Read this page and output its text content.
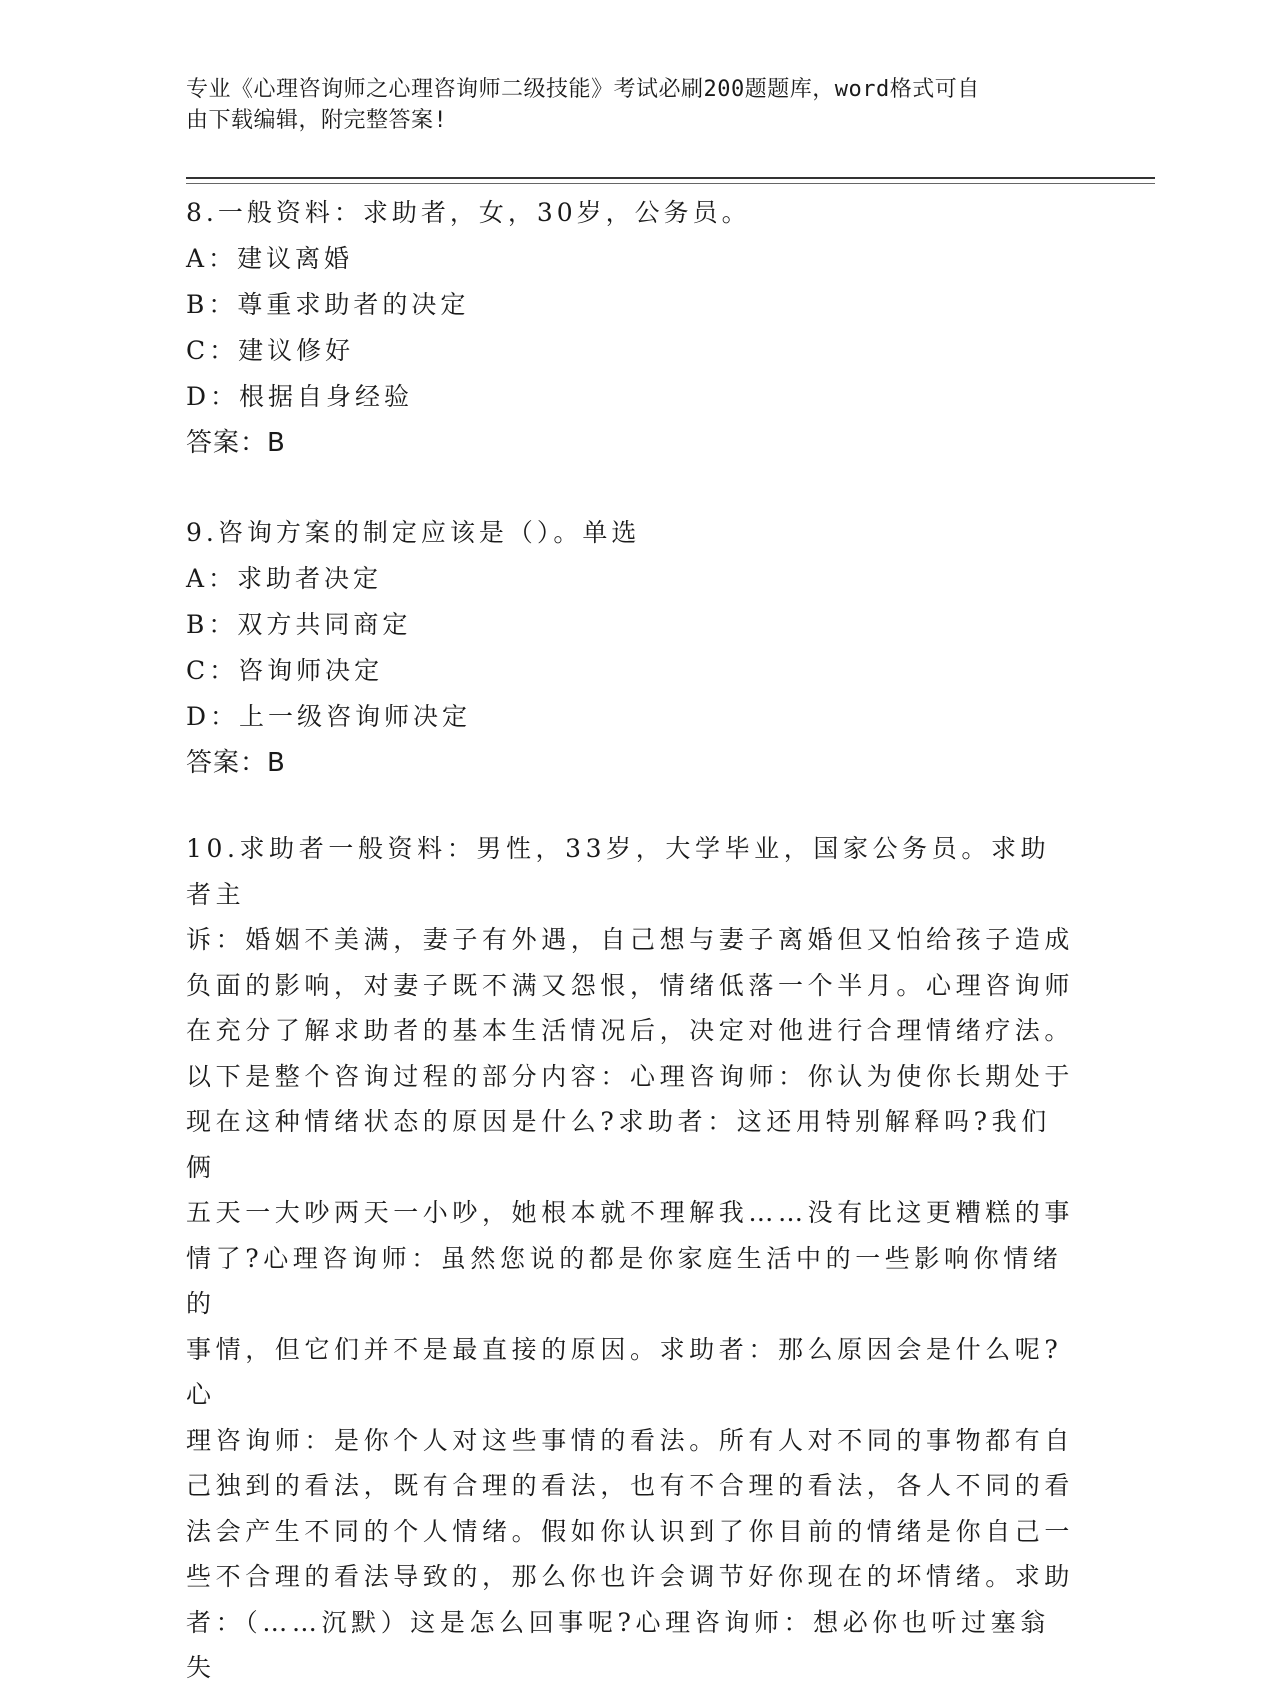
专业《心理咨询师之心理咨询师二级技能》考试必刷200题题库，word格式可自
由下载编辑，附完整答案!
8.一般资料：求助者，女，30岁，公务员。
A：建议离婚
B：尊重求助者的决定
C：建议修好
D：根据自身经验
答案：B
9.咨询方案的制定应该是（）。单选
A：求助者决定
B：双方共同商定
C：咨询师决定
D：上一级咨询师决定
答案：B
10.求助者一般资料：男性，33岁，大学毕业，国家公务员。求助者主
诉：婚姻不美满，妻子有外遇，自己想与妻子离婚但又怕给孩子造成
负面的影响，对妻子既不满又怨恨，情绪低落一个半月。心理咨询师
在充分了解求助者的基本生活情况后，决定对他进行合理情绪疗法。
以下是整个咨询过程的部分内容：心理咨询师：你认为使你长期处于
现在这种情绪状态的原因是什么?求助者：这还用特别解释吗?我们俩
五天一大吵两天一小吵，她根本就不理解我……没有比这更糟糕的事
情了?心理咨询师：虽然您说的都是你家庭生活中的一些影响你情绪的
事情，但它们并不是最直接的原因。求助者：那么原因会是什么呢?心
理咨询师：是你个人对这些事情的看法。所有人对不同的事物都有自
己独到的看法，既有合理的看法，也有不合理的看法，各人不同的看
法会产生不同的个人情绪。假如你认识到了你目前的情绪是你自己一
些不合理的看法导致的，那么你也许会调节好你现在的坏情绪。求助
者：（……沉默）这是怎么回事呢?心理咨询师：想必你也听过塞翁失
